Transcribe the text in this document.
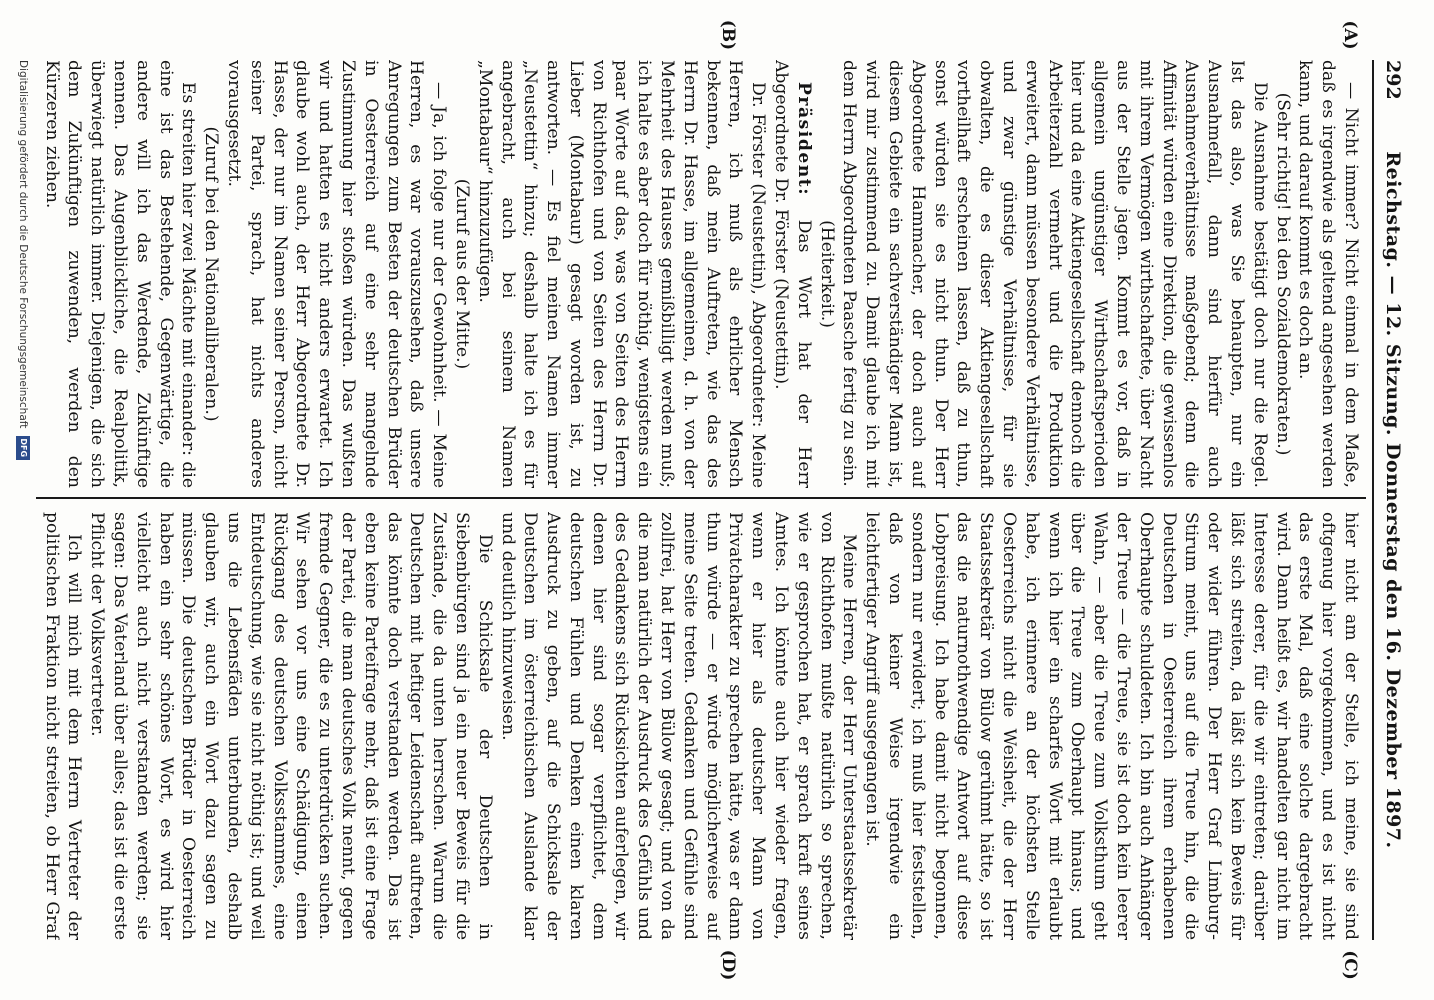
292
Reichstag. — 12. Sitzung. Donnerstag den 16. Dezember 1897.
(A)
(B)
(C)
(D)

— Nicht immer? Nicht einmal in dem Maße, daß es irgendwie als geltend angesehen werden kann, und darauf kommt es doch an.

(Sehr richtig! bei den Sozialdemokraten.)

Die Ausnahme bestätigt doch nur die Regel. Ist das also, was Sie behaupten, nur ein Ausnahmefall, dann sind hierfür auch Ausnahmeverhältnisse maßgebend; denn die Affinität würden eine Direktion, die gewissenlos mit ihrem Vermögen wirthschaftete, über Nacht aus der Stelle jagen. Kommt es vor, daß in allgemein ungünstiger Wirthschaftsperioden hier und da eine Aktiengesellschaft dennoch die Arbeiterzahl vermehrt und die Produktion erweitert, dann müssen besondere Verhältnisse, und zwar günstige Verhältnisse, für sie obwalten, die es dieser Aktiengesellschaft vortheilhaft erscheinen lassen, daß zu thun, sonst würden sie es nicht thun. Der Herr Abgeordnete Hammacher, der doch auch auf diesem Gebiete ein sachverständiger Mann ist, wird mir zustimmend zu. Damit glaube ich mit dem Herrn Abgeordneten Paasche fertig zu sein.

(Heiterkeit.)

Präsident: Das Wort hat der Herr Abgeordnete Dr. Förster (Neustettin).

Dr. Förster (Neustettin), Abgeordneter: Meine Herren, ich muß als ehrlicher Mensch bekennen, daß mein Auftreten, wie das des Herrn Dr. Hasse, im allgemeinen, d. h. von der Mehrheit des Hauses gemißbilligt werden muß; ich halte es aber doch für nöthig, wenigstens ein paar Worte auf das, was von Seiten des Herrn von Richthofen und von Seiten des Herrn Dr. Lieber (Montabaur) gesagt worden ist, zu antworten. — Es fiel meinen Namen immer „Neustettin“ hinzu; deshalb halte ich es für angebracht, auch bei seinem Namen „Montabaur“ hinzuzufügen.

(Zuruf aus der Mitte.)

— Ja, ich folge nur der Gewohnheit. — Meine Herren, es war vorauszusehen, daß unsere Anregungen zum Besten der deutschen Brüder in Oesterreich auf eine sehr mangelnde Zustimmung hier stoßen würden. Das wußten wir und hatten es nicht anders erwartet. Ich glaube wohl auch, der Herr Abgeordnete Dr. Hasse, der nur im Namen seiner Person, nicht seiner Partei, sprach, hat nichts anderes vorausgesetzt.

(Zuruf bei den Nationalliberalen.)

Es streiten hier zwei Mächte mit einander: die eine ist das Bestehende, Gegenwärtige, die andere will ich das Werdende, Zukünftige nennen. Das Augenblickliche, die Realpolitik, überwiegt natürlich immer. Diejenigen, die sich dem Zukünftigen zuwenden, werden den Kürzeren ziehen.

hier nicht am der Stelle, ich meine, sie sind oftgenug hier vorgekommen, und es ist nicht das erste Mal, daß eine solche dargebracht wird. Dann heißt es, wir handelten gar nicht im Interesse derer, für die wir eintreten; darüber läßt sich streiten, da läßt sich kein Beweis für oder wider führen. Der Herr Graf Limburg-Stirum meint, uns auf die Treue hin, die die Deutschen in Oesterreich ihrem erhabenen Oberhaupte schuldeten. Ich bin auch Anhänger der Treue — die Treue, sie ist doch kein leerer Wahn, — aber die Treue zum Volksthum geht über die Treue zum Oberhaupt hinaus; und wenn ich hier ein scharfes Wort mit erlaubt habe, ich erinnere an der höchsten Stelle Oesterreichs nicht die Weisheit, die der Herr Staatssekretär von Bülow gerühmt hätte, so ist das die naturnothwendige Antwort auf diese Lobpreisung. Ich habe damit nicht begonnen, sondern nur erwidert; ich muß hier feststellen, daß von keiner Weise irgendwie ein leichtfertiger Angriff ausgegangen ist.

Meine Herren, der Herr Unterstaatssekretär von Richthofen mußte natürlich so sprechen, wie er gesprochen hat, er sprach kraft seines Amtes. Ich könnte auch hier wieder fragen, wenn er hier als deutscher Mann von Privatcharakter zu sprechen hätte, was er dann thun würde — er würde möglicherweise auf meine Seite treten. Gedanken und Gefühle sind zollfrei, hat Herr von Bülow gesagt; und von da die man natürlich der Ausdruck des Gefühls und des Gedankens sich Rücksichten auferlegen, wir denen hier sind sogar verpflichtet, dem deutschen Fühlen und Denken einen klaren Ausdruck zu geben, auf die Schicksale der Deutschen im österreichischen Auslande klar und deutlich hinzuweisen.

Die Schicksale der Deutschen in Siebenbürgen sind ja ein neuer Beweis für die Zustände, die da unten herrschen. Warum die Deutschen mit heftiger Leidenschaft auftreten, das könnte doch verstanden werden. Das ist eben keine Parteifrage mehr, daß ist eine Frage der Partei, die man deutsches Volk nennt, gegen fremde Gegner, die es zu unterdrücken suchen. Wir sehen vor uns eine Schädigung, einen Rückgang des deutschen Volksstammes, eine Entdeutschung, wie sie nicht nöthig ist; und weil uns die Lebensfäden unterbunden, deshalb glauben wir, auch ein Wort dazu sagen zu müssen. Die deutschen Brüder in Oesterreich haben ein sehr schönes Wort, es wird hier vielleicht auch nicht verstanden werden; sie sagen: Das Vaterland über alles; das ist die erste Pflicht der Volksvertreter.

Ich will mich mit dem Herrn Vertreter der politischen Fraktion nicht streiten, ob Herr Graf

Digitalisierung gefördert durch die Deutsche Forschungsgemeinschaft DFG
